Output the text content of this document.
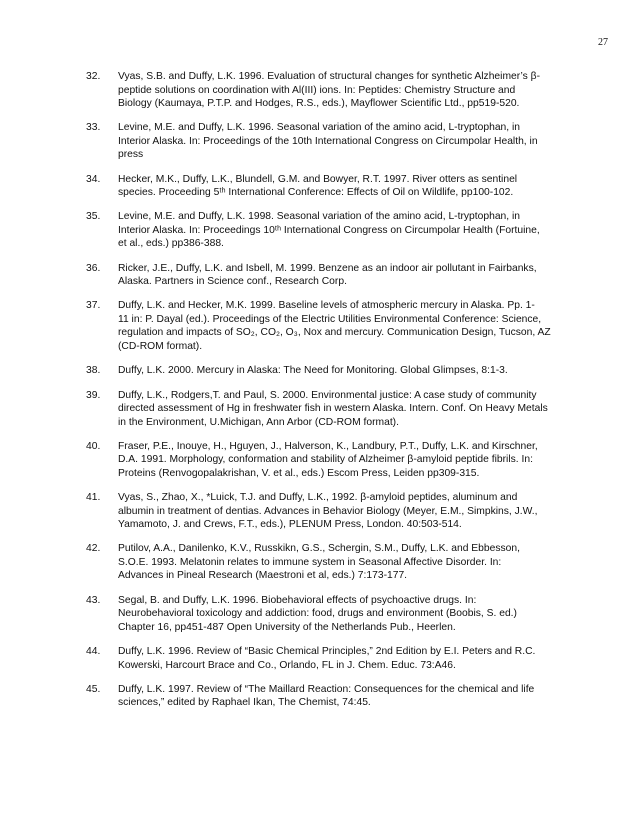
27
32.	Vyas, S.B. and Duffy, L.K. 1996. Evaluation of structural changes for synthetic Alzheimer’s β-
peptide solutions on coordination with Al(III) ions. In: Peptides: Chemistry Structure and
Biology (Kaumaya, P.T.P. and Hodges, R.S., eds.), Mayflower Scientific Ltd., pp519-520.
33.	Levine, M.E. and Duffy, L.K. 1996. Seasonal variation of the amino acid, L-tryptophan, in
Interior Alaska. In: Proceedings of the 10th International Congress on Circumpolar Health, in
press
34.	Hecker, M.K., Duffy, L.K., Blundell, G.M. and Bowyer, R.T. 1997. River otters as sentinel
species. Proceeding 5ᵗʰ International Conference: Effects of Oil on Wildlife, pp100-102.
35.	Levine, M.E. and Duffy, L.K. 1998. Seasonal variation of the amino acid, L-tryptophan, in
Interior Alaska. In: Proceedings 10ᵗʰ International Congress on Circumpolar Health (Fortuine,
et al., eds.) pp386-388.
36.	Ricker, J.E., Duffy, L.K. and Isbell, M. 1999. Benzene as an indoor air pollutant in Fairbanks,
Alaska. Partners in Science conf., Research Corp.
37.	Duffy, L.K. and Hecker, M.K. 1999. Baseline levels of atmospheric mercury in Alaska. Pp. 1-
11 in: P. Dayal (ed.). Proceedings of the Electric Utilities Environmental Conference: Science,
regulation and impacts of SO₂, CO₂, O₃, Nox and mercury. Communication Design, Tucson, AZ
(CD-ROM format).
38.	Duffy, L.K. 2000. Mercury in Alaska: The Need for Monitoring. Global Glimpses, 8:1-3.
39.	Duffy, L.K., Rodgers,T. and Paul, S. 2000. Environmental justice: A case study of community
directed assessment of Hg in freshwater fish in western Alaska. Intern. Conf. On Heavy Metals
in the Environment, U.Michigan, Ann Arbor (CD-ROM format).
40.	Fraser, P.E., Inouye, H., Hguyen, J., Halverson, K., Landbury, P.T., Duffy, L.K. and Kirschner,
D.A. 1991. Morphology, conformation and stability of Alzheimer β-amyloid peptide fibrils. In:
Proteins (Renvogopalakrishan, V. et al., eds.) Escom Press, Leiden pp309-315.
41.	Vyas, S., Zhao, X., *Luick, T.J. and Duffy, L.K., 1992. β-amyloid peptides, aluminum and
albumin in treatment of dentias. Advances in Behavior Biology (Meyer, E.M., Simpkins, J.W.,
Yamamoto, J. and Crews, F.T., eds.), PLENUM Press, London. 40:503-514.
42.	Putilov, A.A., Danilenko, K.V., Russkikn, G.S., Schergin, S.M., Duffy, L.K. and Ebbesson,
S.O.E. 1993. Melatonin relates to immune system in Seasonal Affective Disorder. In:
Advances in Pineal Research (Maestroni et al, eds.) 7:173-177.
43.	Segal, B. and Duffy, L.K. 1996. Biobehavioral effects of psychoactive drugs. In:
Neurobehavioral toxicology and addiction: food, drugs and environment (Boobis, S. ed.)
Chapter 16, pp451-487 Open University of the Netherlands Pub., Heerlen.
44.	Duffy, L.K. 1996. Review of “Basic Chemical Principles,” 2nd Edition by E.I. Peters and R.C.
Kowerski, Harcourt Brace and Co., Orlando, FL in J. Chem. Educ. 73:A46.
45.	Duffy, L.K. 1997. Review of “The Maillard Reaction: Consequences for the chemical and life
sciences,” edited by Raphael Ikan, The Chemist, 74:45.
